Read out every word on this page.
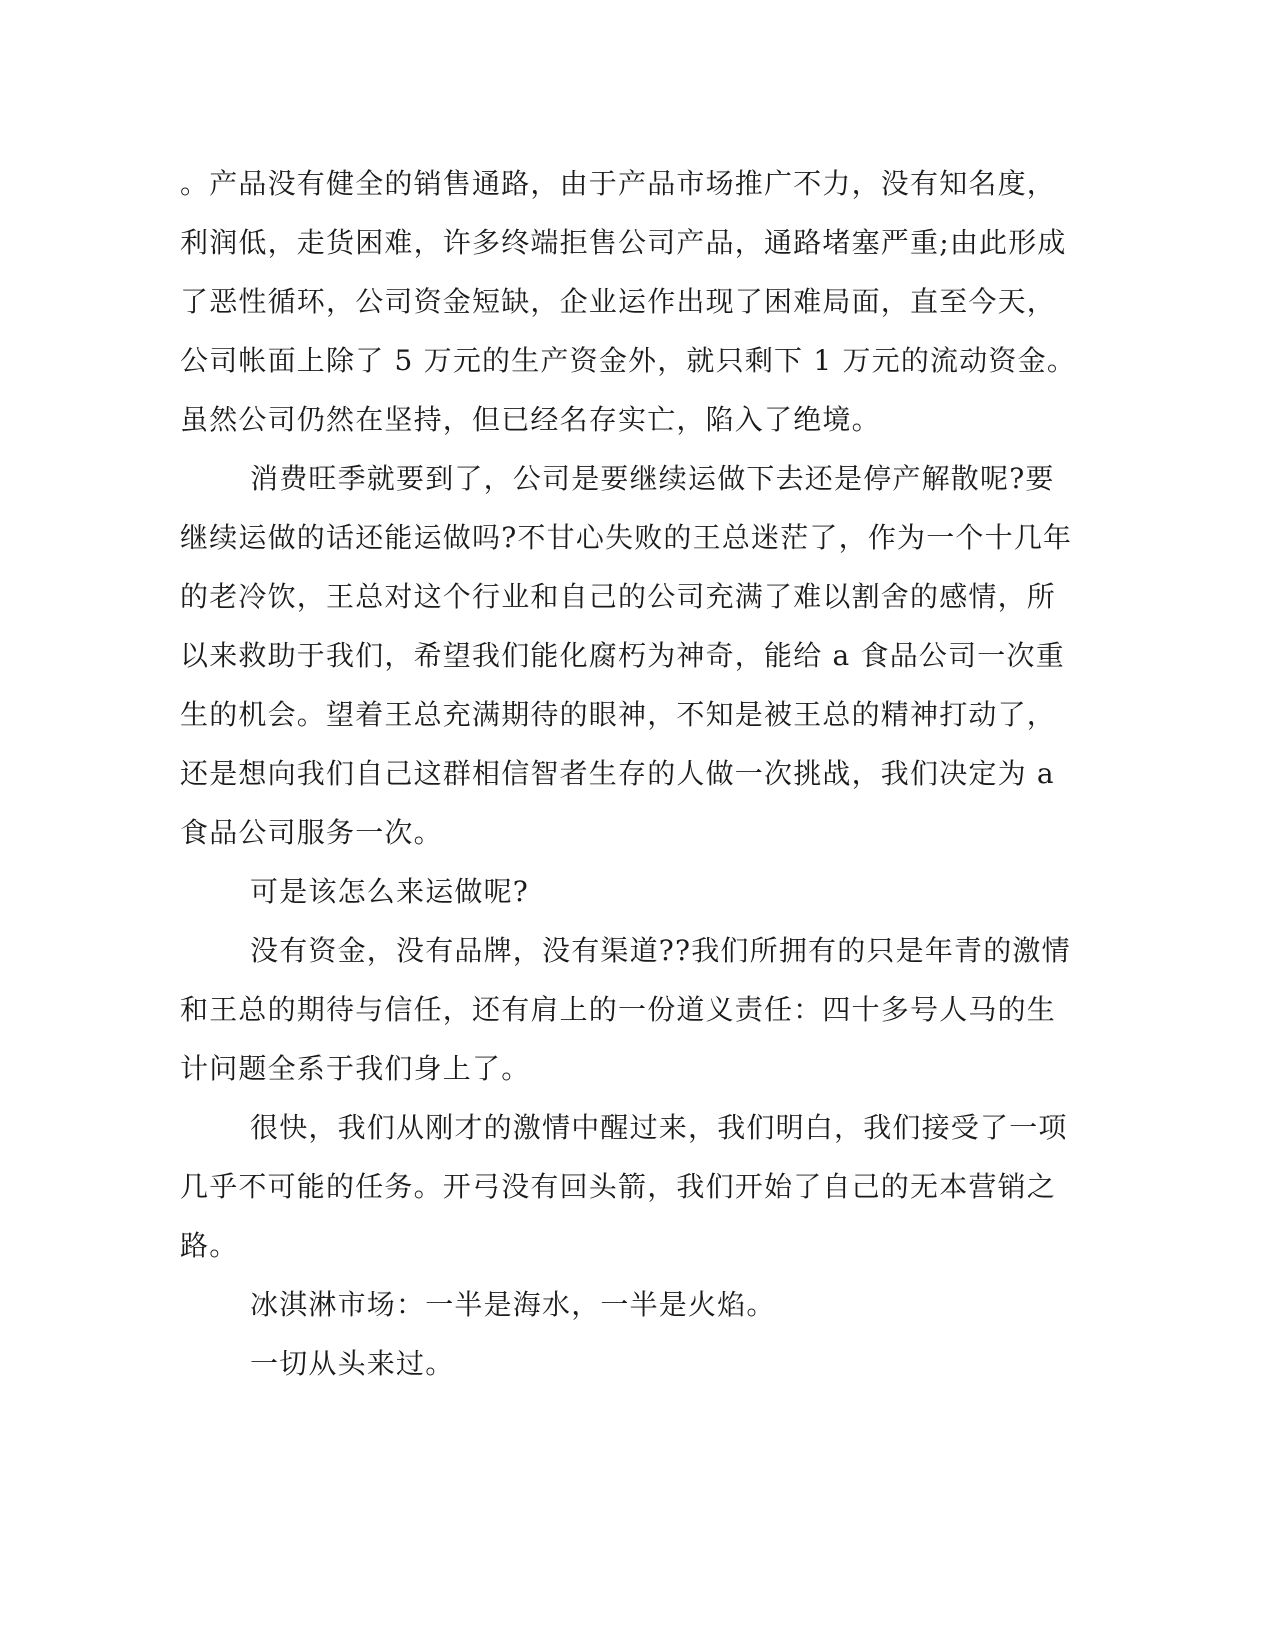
。产品没有健全的销售通路，由于产品市场推广不力，没有知名度，
利润低，走货困难，许多终端拒售公司产品，通路堵塞严重;由此形成
了恶性循环，公司资金短缺，企业运作出现了困难局面，直至今天，
公司帐面上除了 5 万元的生产资金外，就只剩下 1 万元的流动资金。
虽然公司仍然在坚持，但已经名存实亡，陷入了绝境。
消费旺季就要到了，公司是要继续运做下去还是停产解散呢?要
继续运做的话还能运做吗?不甘心失败的王总迷茫了，作为一个十几年
的老冷饮，王总对这个行业和自己的公司充满了难以割舍的感情，所
以来救助于我们，希望我们能化腐朽为神奇，能给 a 食品公司一次重
生的机会。望着王总充满期待的眼神，不知是被王总的精神打动了，
还是想向我们自己这群相信智者生存的人做一次挑战，我们决定为 a
食品公司服务一次。
可是该怎么来运做呢?
没有资金，没有品牌，没有渠道??我们所拥有的只是年青的激情
和王总的期待与信任，还有肩上的一份道义责任：四十多号人马的生
计问题全系于我们身上了。
很快，我们从刚才的激情中醒过来，我们明白，我们接受了一项
几乎不可能的任务。开弓没有回头箭，我们开始了自己的无本营销之
路。
冰淇淋市场：一半是海水，一半是火焰。
一切从头来过。
